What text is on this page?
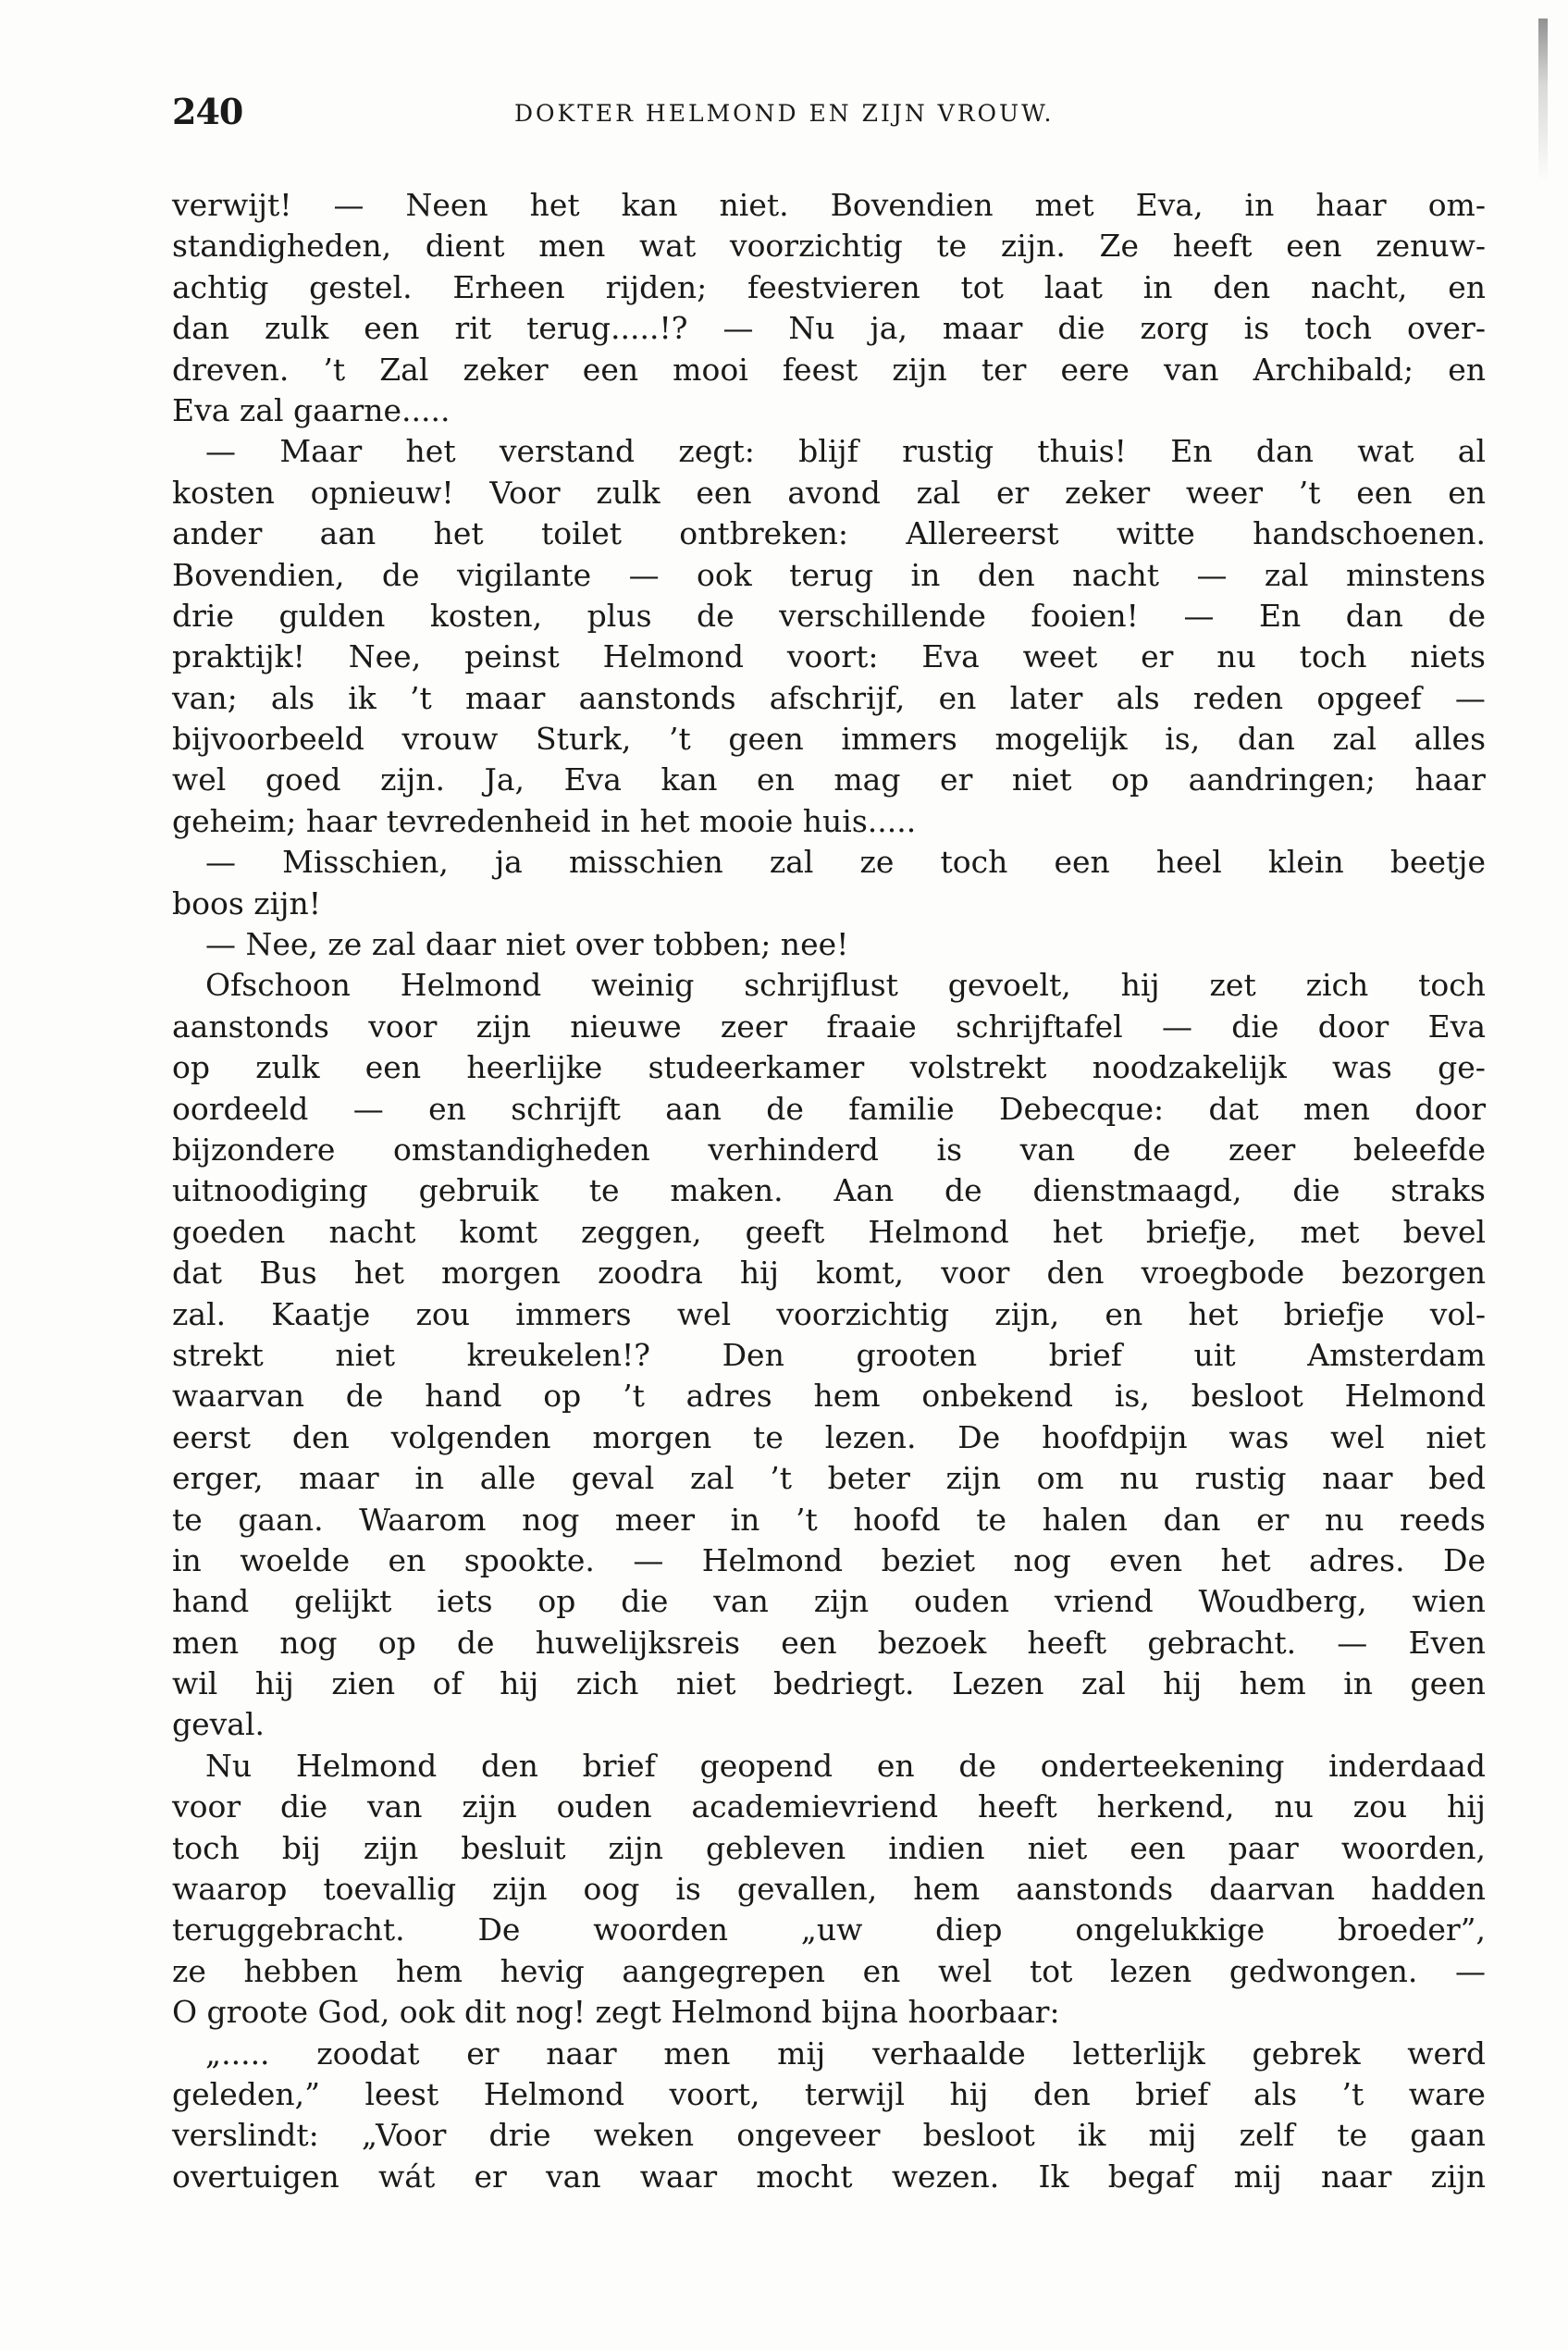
240	DOKTER HELMOND EN ZIJN VROUW.
verwijt! — Neen het kan niet. Bovendien met Eva, in haar om-
standigheden, dient men wat voorzichtig te zijn. Ze heeft een zenuw-
achtig gestel. Erheen rijden; feestvieren tot laat in den nacht, en
dan zulk een rit terug.....!? — Nu ja, maar die zorg is toch over-
dreven. ’t Zal zeker een mooi feest zijn ter eere van Archibald; en
Eva zal gaarne.....
— Maar het verstand zegt: blijf rustig thuis! En dan wat al
kosten opnieuw! Voor zulk een avond zal er zeker weer ’t een en
ander aan het toilet ontbreken: Allereerst witte handschoenen.
Bovendien, de vigilante — ook terug in den nacht — zal minstens
drie gulden kosten, plus de verschillende fooien! — En dan de
praktijk! Nee, peinst Helmond voort: Eva weet er nu toch niets
van; als ik ’t maar aanstonds afschrijf, en later als reden opgeef —
bijvoorbeeld vrouw Sturk, ’t geen immers mogelijk is, dan zal alles
wel goed zijn. Ja, Eva kan en mag er niet op aandringen; haar
geheim; haar tevredenheid in het mooie huis.....
— Misschien, ja misschien zal ze toch een heel klein beetje
boos zijn!
— Nee, ze zal daar niet over tobben; nee!
Ofschoon Helmond weinig schrijflust gevoelt, hij zet zich toch
aanstonds voor zijn nieuwe zeer fraaie schrijftafel — die door Eva
op zulk een heerlijke studeerkamer volstrekt noodzakelijk was ge-
oordeeld — en schrijft aan de familie Debecque: dat men door
bijzondere omstandigheden verhinderd is van de zeer beleefde
uitnoodiging gebruik te maken. Aan de dienstmaagd, die straks
goeden nacht komt zeggen, geeft Helmond het briefje, met bevel
dat Bus het morgen zoodra hij komt, voor den vroegbode bezorgen
zal. Kaatje zou immers wel voorzichtig zijn, en het briefje vol-
strekt niet kreukelen!? Den grooten brief uit Amsterdam
waarvan de hand op ’t adres hem onbekend is, besloot Helmond
eerst den volgenden morgen te lezen. De hoofdpijn was wel niet
erger, maar in alle geval zal ’t beter zijn om nu rustig naar bed
te gaan. Waarom nog meer in ’t hoofd te halen dan er nu reeds
in woelde en spookte. — Helmond beziet nog even het adres. De
hand gelijkt iets op die van zijn ouden vriend Woudberg, wien
men nog op de huwelijksreis een bezoek heeft gebracht. — Even
wil hij zien of hij zich niet bedriegt. Lezen zal hij hem in geen
geval.
Nu Helmond den brief geopend en de onderteekening inderdaad
voor die van zijn ouden academievriend heeft herkend, nu zou hij
toch bij zijn besluit zijn gebleven indien niet een paar woorden,
waarop toevallig zijn oog is gevallen, hem aanstonds daarvan hadden
teruggebracht. De woorden „uw diep ongelukkige broeder”,
ze hebben hem hevig aangegrepen en wel tot lezen gedwongen. —
O groote God, ook dit nog! zegt Helmond bijna hoorbaar:
„..... zoodat er naar men mij verhaalde letterlijk gebrek werd
geleden,” leest Helmond voort, terwijl hij den brief als ’t ware
verslindt: „Voor drie weken ongeveer besloot ik mij zelf te gaan
overtuigen wát er van waar mocht wezen. Ik begaf mij naar zijn
